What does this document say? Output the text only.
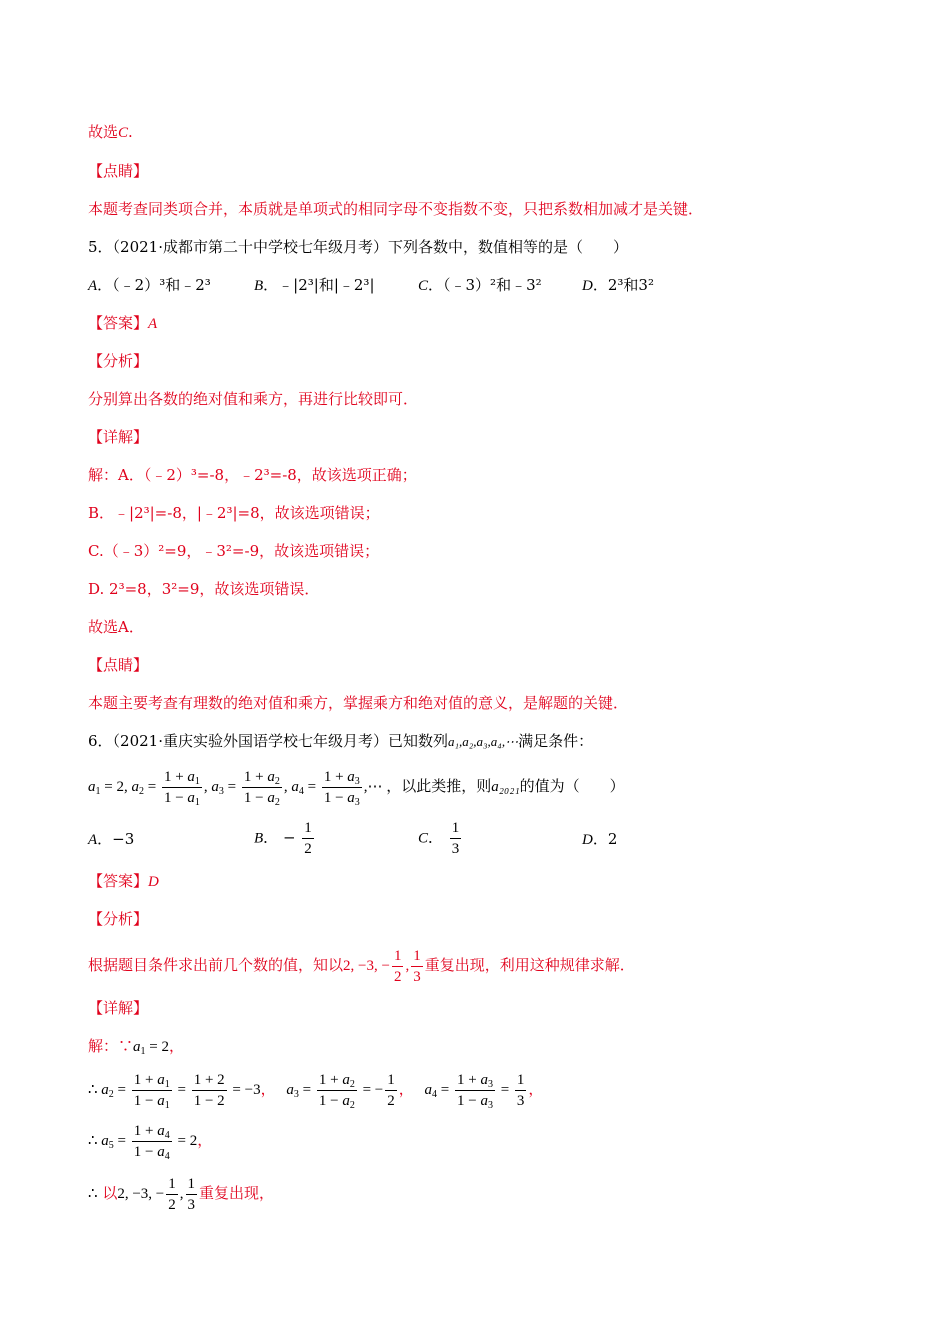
故选C.
【点睛】
本题考查同类项合并，本质就是单项式的相同字母不变指数不变，只把系数相加减才是关键．
5．（2021·成都市第二十中学校七年级月考）下列各数中，数值相等的是（　　）
A．（﹣2）³和﹣2³	B．﹣|2³|和|﹣2³|	C．（﹣3）²和﹣3²	D．2³和3²
【答案】A
【分析】
分别算出各数的绝对值和乘方，再进行比较即可．
【详解】
解：A．（﹣2）³=-8，﹣2³=-8，故该选项正确；
B．﹣|2³|=-8，|﹣2³|=8，故该选项错误；
C.（﹣3）²=9，﹣3²=-9，故该选项错误；
D. 2³=8，3²=9，故该选项错误．
故选A．
【点睛】
本题主要考查有理数的绝对值和乘方，掌握乘方和绝对值的意义，是解题的关键．
6．（2021·重庆实验外国语学校七年级月考）已知数列a₁,a₂,a₃,a₄,⋯满足条件：
$a_1 = 2$, $a_2 = \frac{1 + a_1}{1 - a_1}$ , $a_3 = \frac{1 + a_2}{1 - a_2}$ , $a_4 = \frac{1 + a_3}{1 - a_3}$ ,⋯ ，以此类推，则a₂₀₂₁的值为（　　）
A．−3	B． − $\frac{1}{2}$	C． $\frac{1}{3}$	D．2
【答案】D
【分析】
根据题目条件求出前几个数的值，知以2, −3, − $\frac{1}{2}$ , $\frac{1}{3}$ 重复出现，利用这种规律求解．
【详解】
解：$\because a_1 = 2$，
∴ $a_2 = \frac{1 + a_1}{1 - a_1} = \frac{1 + 2}{1 - 2} = -3$， $a_3 = \frac{1 + a_2}{1 - a_2}$ = − $\frac{1}{2}$ ， $a_4 = \frac{1 + a_3}{1 - a_3} = \frac{1}{3}$ ，
∴ $a_5 = \frac{1 + a_4}{1 - a_4} = 2$，
∴ 以2, −3, − $\frac{1}{2}$ , $\frac{1}{3}$ 重复出现，
